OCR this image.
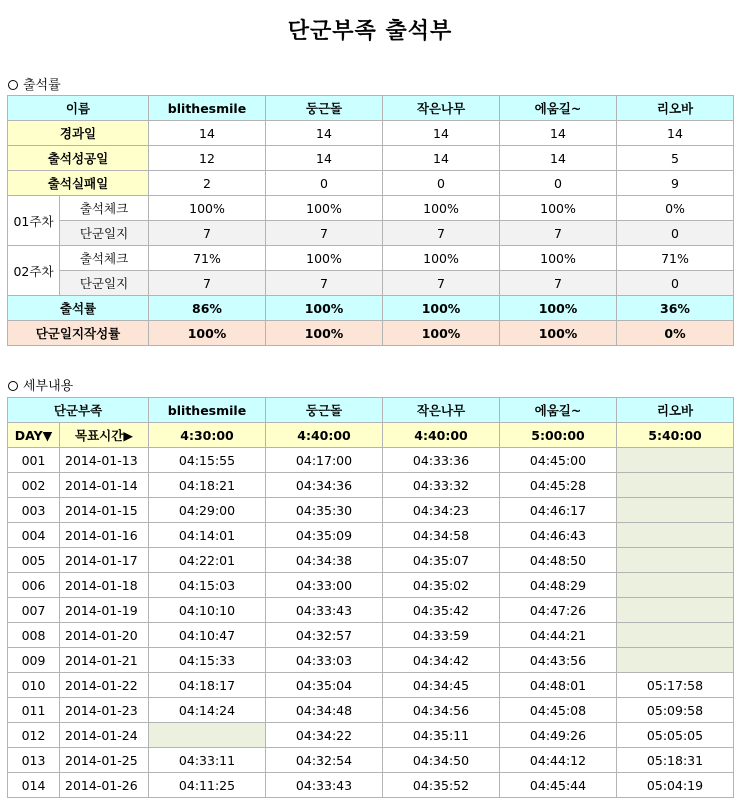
단군부족 출석부
출석률
이름		blithesmile	둥근돌	작은나무	에움길~	리오바
경과일		14	14	14	14	14
출석성공일		12	14	14	14	5
출석실패일		2	0	0	0	9
01주차	출석체크	100%	100%	100%	100%	0%
	단군일지	7	7	7	7	0
02주차	출석체크	71%	100%	100%	100%	71%
	단군일지	7	7	7	7	0
출석률		86%	100%	100%	100%	36%
단군일지작성률		100%	100%	100%	100%	0%
세부내용
단군부족		blithesmile	둥근돌	작은나무	에움길~	리오바
DAY▼	목표시간▶	4:30:00	4:40:00	4:40:00	5:00:00	5:40:00
001	2014-01-13	04:15:55	04:17:00	04:33:36	04:45:00	
002	2014-01-14	04:18:21	04:34:36	04:33:32	04:45:28	
003	2014-01-15	04:29:00	04:35:30	04:34:23	04:46:17	
004	2014-01-16	04:14:01	04:35:09	04:34:58	04:46:43	
005	2014-01-17	04:22:01	04:34:38	04:35:07	04:48:50	
006	2014-01-18	04:15:03	04:33:00	04:35:02	04:48:29	
007	2014-01-19	04:10:10	04:33:43	04:35:42	04:47:26	
008	2014-01-20	04:10:47	04:32:57	04:33:59	04:44:21	
009	2014-01-21	04:15:33	04:33:03	04:34:42	04:43:56	
010	2014-01-22	04:18:17	04:35:04	04:34:45	04:48:01	05:17:58
011	2014-01-23	04:14:24	04:34:48	04:34:56	04:45:08	05:09:58
012	2014-01-24		04:34:22	04:35:11	04:49:26	05:05:05
013	2014-01-25	04:33:11	04:32:54	04:34:50	04:44:12	05:18:31
014	2014-01-26	04:11:25	04:33:43	04:35:52	04:45:44	05:04:19
